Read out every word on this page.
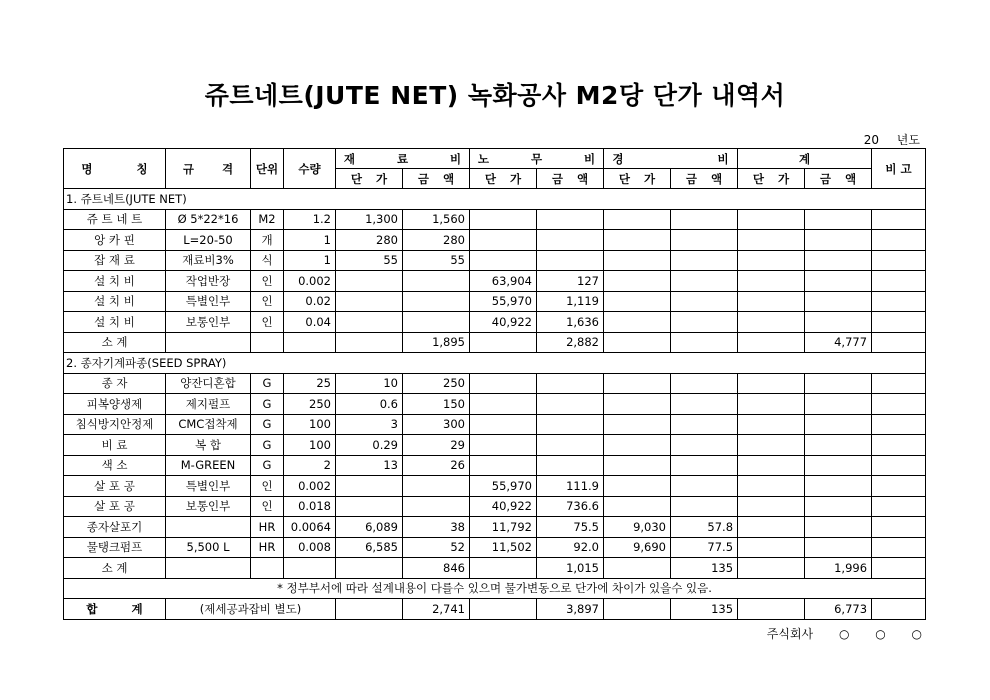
쥬트네트(JUTE NET) 녹화공사 M2당 단가 내역서
20 년도
명 칭	규 격	단위	수량	재 료 비		노 무 비		경 비		계		비 고
				단 가	금 액	단 가	금 액	단 가	금 액	단 가	금 액	
1. 쥬트네트(JUTE NET)												
쥬 트 네 트	Ø 5*22*16	M2	1.2	1,300	1,560							
앙 카 핀	L=20-50	개	1	280	280							
잡 재 료	재료비3%	식	1	55	55							
설 치 비	작업반장	인	0.002			63,904	127					
설 치 비	특별인부	인	0.02			55,970	1,119					
설 치 비	보통인부	인	0.04			40,922	1,636					
소 계					1,895		2,882				4,777	
2. 종자기계파종(SEED SPRAY)												
종 자	양잔디혼합	G	25	10	250							
피복양생제	제지펄프	G	250	0.6	150							
침식방지안정제	CMC접착제	G	100	3	300							
비 료	복 합	G	100	0.29	29							
색 소	M-GREEN	G	2	13	26							
살 포 공	특별인부	인	0.002			55,970	111.9					
살 포 공	보통인부	인	0.018			40,922	736.6					
종자살포기		HR	0.0064	6,089	38	11,792	75.5	9,030	57.8			
물탱크펌프	5,500 L	HR	0.008	6,585	52	11,502	92.0	9,690	77.5			
소 계					846		1,015		135		1,996	
* 정부부서에 따라 설계내용이 다를수 있으며 물가변동으로 단가에 차이가 있을수 있음.												
합 계	(제세공과잡비 별도)				2,741		3,897		135		6,773	
주식회사 ○ ○ ○
